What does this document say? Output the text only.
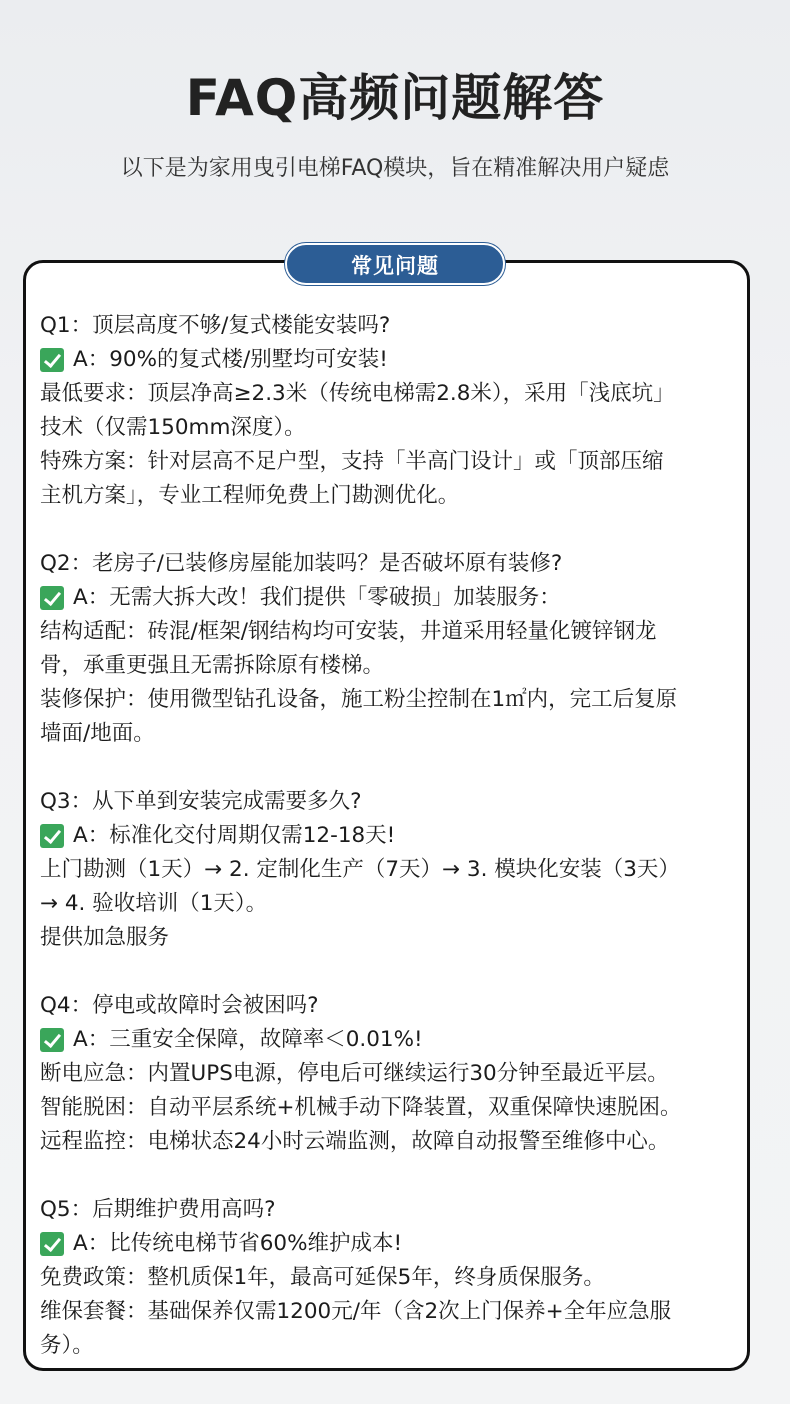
FAQ高频问题解答
以下是为家用曳引电梯FAQ模块，旨在精准解决用户疑虑
常见问题
Q1：顶层高度不够/复式楼能安装吗?
A：90%的复式楼/别墅均可安装!
最低要求：顶层净高≥2.3米（传统电梯需2.8米），采用「浅底坑」
技术（仅需150mm深度）。
特殊方案：针对层高不足户型，支持「半高门设计」或「顶部压缩
主机方案」，专业工程师免费上门勘测优化。
Q2：老房子/已装修房屋能加装吗？是否破坏原有装修?
A：无需大拆大改！我们提供「零破损」加装服务：
结构适配：砖混/框架/钢结构均可安装，井道采用轻量化镀锌钢龙
骨，承重更强且无需拆除原有楼梯。
装修保护：使用微型钻孔设备，施工粉尘控制在1㎡内，完工后复原
墙面/地面。
Q3：从下单到安装完成需要多久?
A：标准化交付周期仅需12-18天!
上门勘测（1天）→ 2. 定制化生产（7天）→ 3. 模块化安装（3天）
→ 4. 验收培训（1天）。
提供加急服务
Q4：停电或故障时会被困吗?
A：三重安全保障，故障率＜0.01%!
断电应急：内置UPS电源，停电后可继续运行30分钟至最近平层。
智能脱困：自动平层系统+机械手动下降装置，双重保障快速脱困。
远程监控：电梯状态24小时云端监测，故障自动报警至维修中心。
Q5：后期维护费用高吗?
A：比传统电梯节省60%维护成本!
免费政策：整机质保1年，最高可延保5年，终身质保服务。
维保套餐：基础保养仅需1200元/年（含2次上门保养+全年应急服
务）。
